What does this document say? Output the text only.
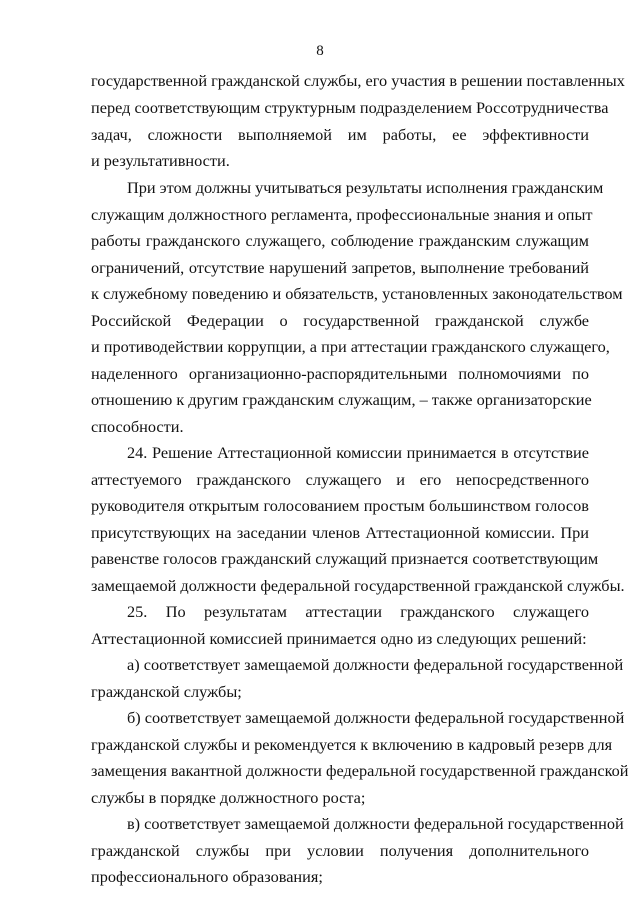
8
государственной гражданской службы, его участия в решении поставленных
перед соответствующим структурным подразделением Россотрудничества
задач, сложности выполняемой им работы, ее эффективности
и результативности.
При этом должны учитываться результаты исполнения гражданским
служащим должностного регламента, профессиональные знания и опыт
работы гражданского служащего, соблюдение гражданским служащим
ограничений, отсутствие нарушений запретов, выполнение требований
к служебному поведению и обязательств, установленных законодательством
Российской Федерации о государственной гражданской службе
и противодействии коррупции, а при аттестации гражданского служащего,
наделенного организационно-распорядительными полномочиями по
отношению к другим гражданским служащим, – также организаторские
способности.
24. Решение Аттестационной комиссии принимается в отсутствие
аттестуемого гражданского служащего и его непосредственного
руководителя открытым голосованием простым большинством голосов
присутствующих на заседании членов Аттестационной комиссии. При
равенстве голосов гражданский служащий признается соответствующим
замещаемой должности федеральной государственной гражданской службы.
25. По результатам аттестации гражданского служащего
Аттестационной комиссией принимается одно из следующих решений:
а) соответствует замещаемой должности федеральной государственной
гражданской службы;
б) соответствует замещаемой должности федеральной государственной
гражданской службы и рекомендуется к включению в кадровый резерв для
замещения вакантной должности федеральной государственной гражданской
службы в порядке должностного роста;
в) соответствует замещаемой должности федеральной государственной
гражданской службы при условии получения дополнительного
профессионального образования;
